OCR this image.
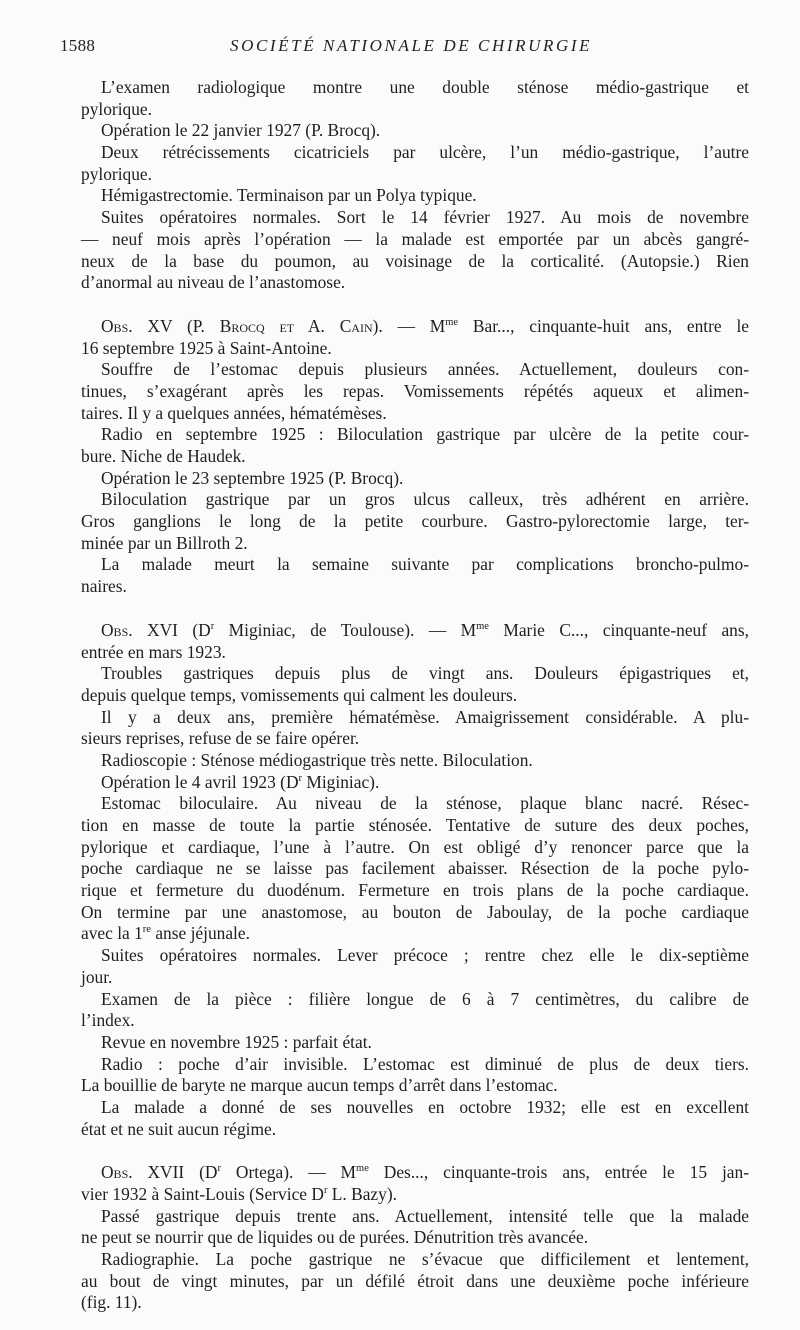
1588	SOCIÉTÉ NATIONALE DE CHIRURGIE
L’examen radiologique montre une double sténose médio-gastrique et
pylorique.
Opération le 22 janvier 1927 (P. Brocq).
Deux rétrécissements cicatriciels par ulcère, l’un médio-gastrique, l’autre
pylorique.
Hémigastrectomie. Terminaison par un Polya typique.
Suites opératoires normales. Sort le 14 février 1927. Au mois de novembre
— neuf mois après l’opération — la malade est emportée par un abcès gangré-
neux de la base du poumon, au voisinage de la corticalité. (Autopsie.) Rien
d’anormal au niveau de l’anastomose.
Obs. XV (P. Brocq et A. Cain). — $M^{me}$ Bar..., cinquante-huit ans, entre le
16 septembre 1925 à Saint-Antoine.
Souffre de l’estomac depuis plusieurs années. Actuellement, douleurs con-
tinues, s’exagérant après les repas. Vomissements répétés aqueux et alimen-
taires. Il y a quelques années, hématémèses.
Radio en septembre 1925 : Biloculation gastrique par ulcère de la petite cour-
bure. Niche de Haudek.
Opération le 23 septembre 1925 (P. Brocq).
Biloculation gastrique par un gros ulcus calleux, très adhérent en arrière.
Gros ganglions le long de la petite courbure. Gastro-pylorectomie large, ter-
minée par un Billroth 2.
La malade meurt la semaine suivante par complications broncho-pulmo-
naires.
Obs. XVI ($D^r$ Miginiac, de Toulouse). — $M^{me}$ Marie C..., cinquante-neuf ans,
entrée en mars 1923.
Troubles gastriques depuis plus de vingt ans. Douleurs épigastriques et,
depuis quelque temps, vomissements qui calment les douleurs.
Il y a deux ans, première hématémèse. Amaigrissement considérable. A plu-
sieurs reprises, refuse de se faire opérer.
Radioscopie : Sténose médiogastrique très nette. Biloculation.
Opération le 4 avril 1923 ($D^r$ Miginiac).
Estomac biloculaire. Au niveau de la sténose, plaque blanc nacré. Résec-
tion en masse de toute la partie sténosée. Tentative de suture des deux poches,
pylorique et cardiaque, l’une à l’autre. On est obligé d’y renoncer parce que la
poche cardiaque ne se laisse pas facilement abaisser. Résection de la poche pylo-
rique et fermeture du duodénum. Fermeture en trois plans de la poche cardiaque.
On termine par une anastomose, au bouton de Jaboulay, de la poche cardiaque
avec la 1re anse jéjunale.
Suites opératoires normales. Lever précoce ; rentre chez elle le dix-septième
jour.
Examen de la pièce : filière longue de 6 à 7 centimètres, du calibre de
l’index.
Revue en novembre 1925 : parfait état.
Radio : poche d’air invisible. L’estomac est diminué de plus de deux tiers.
La bouillie de baryte ne marque aucun temps d’arrêt dans l’estomac.
La malade a donné de ses nouvelles en octobre 1932; elle est en excellent
état et ne suit aucun régime.
Obs. XVII ($D^r$ Ortega). — $M^{me}$ Des..., cinquante-trois ans, entrée le 15 jan-
vier 1932 à Saint-Louis (Service $D^r$ L. Bazy).
Passé gastrique depuis trente ans. Actuellement, intensité telle que la malade
ne peut se nourrir que de liquides ou de purées. Dénutrition très avancée.
Radiographie. La poche gastrique ne s’évacue que difficilement et lentement,
au bout de vingt minutes, par un défilé étroit dans une deuxième poche inférieure
(fig. 11).
